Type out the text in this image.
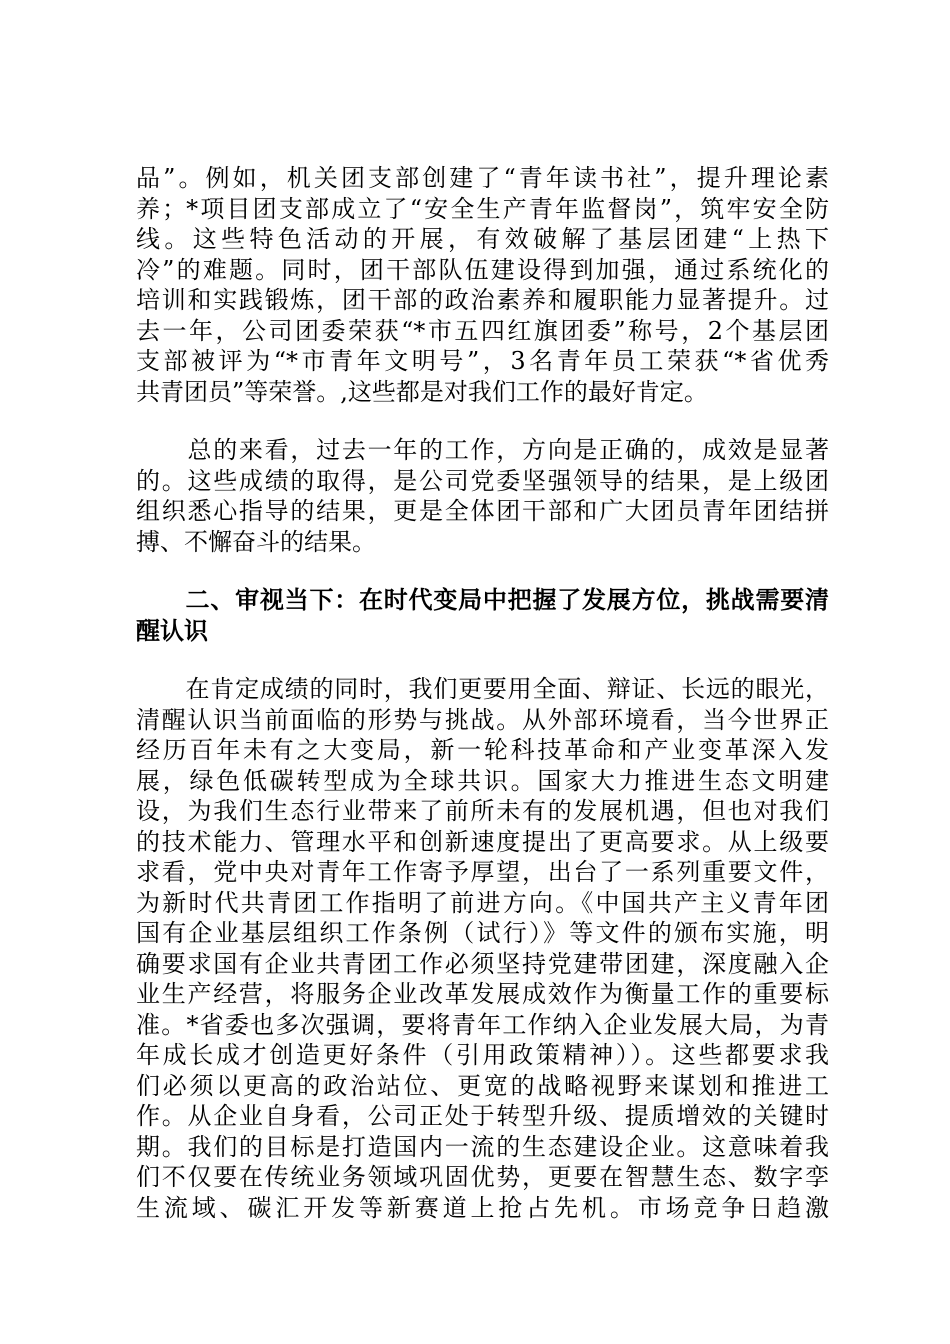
品”。例如，机关团支部创建了“青年读书社”，提升理论素
养；*项目团支部成立了“安全生产青年监督岗”，筑牢安全防
线。这些特色活动的开展，有效破解了基层团建“上热下
冷”的难题。同时，团干部队伍建设得到加强，通过系统化的
培训和实践锻炼，团干部的政治素养和履职能力显著提升。过
去一年，公司团委荣获“*市五四红旗团委”称号，2个基层团
支部被评为“*市青年文明号”，3名青年员工荣获“*省优秀
共青团员”等荣誉。,这些都是对我们工作的最好肯定。
　　总的来看，过去一年的工作，方向是正确的，成效是显著
的。这些成绩的取得，是公司党委坚强领导的结果，是上级团
组织悉心指导的结果，更是全体团干部和广大团员青年团结拼
搏、不懈奋斗的结果。
　　二、审视当下：在时代变局中把握了发展方位，挑战需要清
醒认识
　　在肯定成绩的同时，我们更要用全面、辩证、长远的眼光，
清醒认识当前面临的形势与挑战。从外部环境看，当今世界正
经历百年未有之大变局，新一轮科技革命和产业变革深入发
展，绿色低碳转型成为全球共识。国家大力推进生态文明建
设，为我们生态行业带来了前所未有的发展机遇，但也对我们
的技术能力、管理水平和创新速度提出了更高要求。从上级要
求看，党中央对青年工作寄予厚望，出台了一系列重要文件，
为新时代共青团工作指明了前进方向。《中国共产主义青年团
国有企业基层组织工作条例（试行）》等文件的颁布实施，明
确要求国有企业共青团工作必须坚持党建带团建，深度融入企
业生产经营，将服务企业改革发展成效作为衡量工作的重要标
准。*省委也多次强调，要将青年工作纳入企业发展大局，为青
年成长成才创造更好条件（引用政策精神））。这些都要求我
们必须以更高的政治站位、更宽的战略视野来谋划和推进工
作。从企业自身看，公司正处于转型升级、提质增效的关键时
期。我们的目标是打造国内一流的生态建设企业。这意味着我
们不仅要在传统业务领域巩固优势，更要在智慧生态、数字孪
生流域、碳汇开发等新赛道上抢占先机。市场竞争日趋激
